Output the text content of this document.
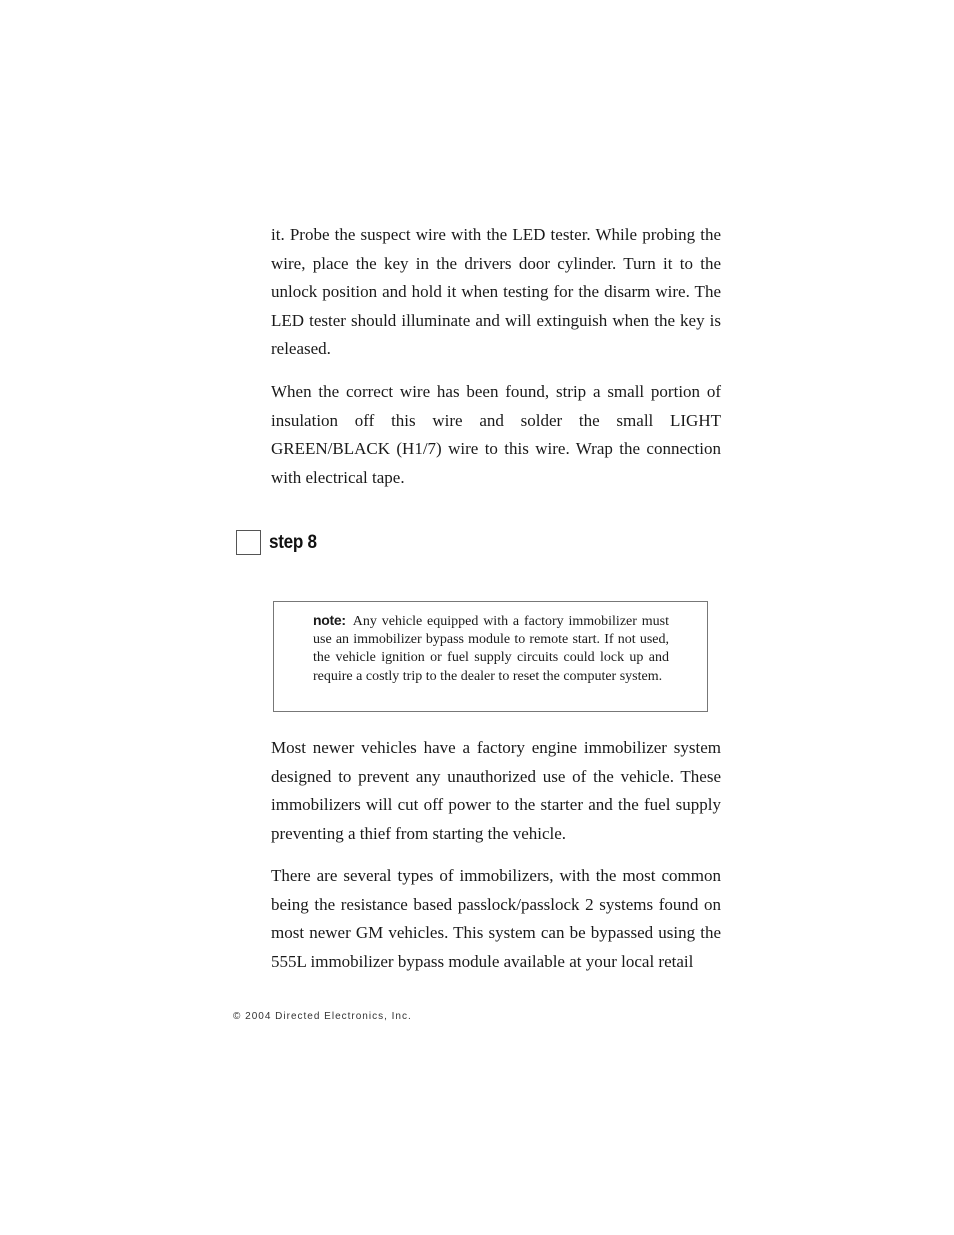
it. Probe the suspect wire with the LED tester. While probing the wire, place the key in the drivers door cylinder. Turn it to the unlock position and hold it when testing for the disarm wire. The LED tester should illuminate and will extinguish when the key is released.

When the correct wire has been found, strip a small portion of insulation off this wire and solder the small LIGHT GREEN/BLACK (H1/7) wire to this wire. Wrap the connection with electrical tape.

step 8

note: Any vehicle equipped with a factory immobilizer must use an immobilizer bypass module to remote start. If not used, the vehicle ignition or fuel supply circuits could lock up and require a costly trip to the dealer to reset the computer system.

Most newer vehicles have a factory engine immobilizer system designed to prevent any unauthorized use of the vehicle. These immobilizers will cut off power to the starter and the fuel supply preventing a thief from starting the vehicle.

There are several types of immobilizers, with the most common being the resistance based passlock/passlock 2 systems found on most newer GM vehicles. This system can be bypassed using the 555L immobilizer bypass module available at your local retail

© 2004 Directed Electronics, Inc.
